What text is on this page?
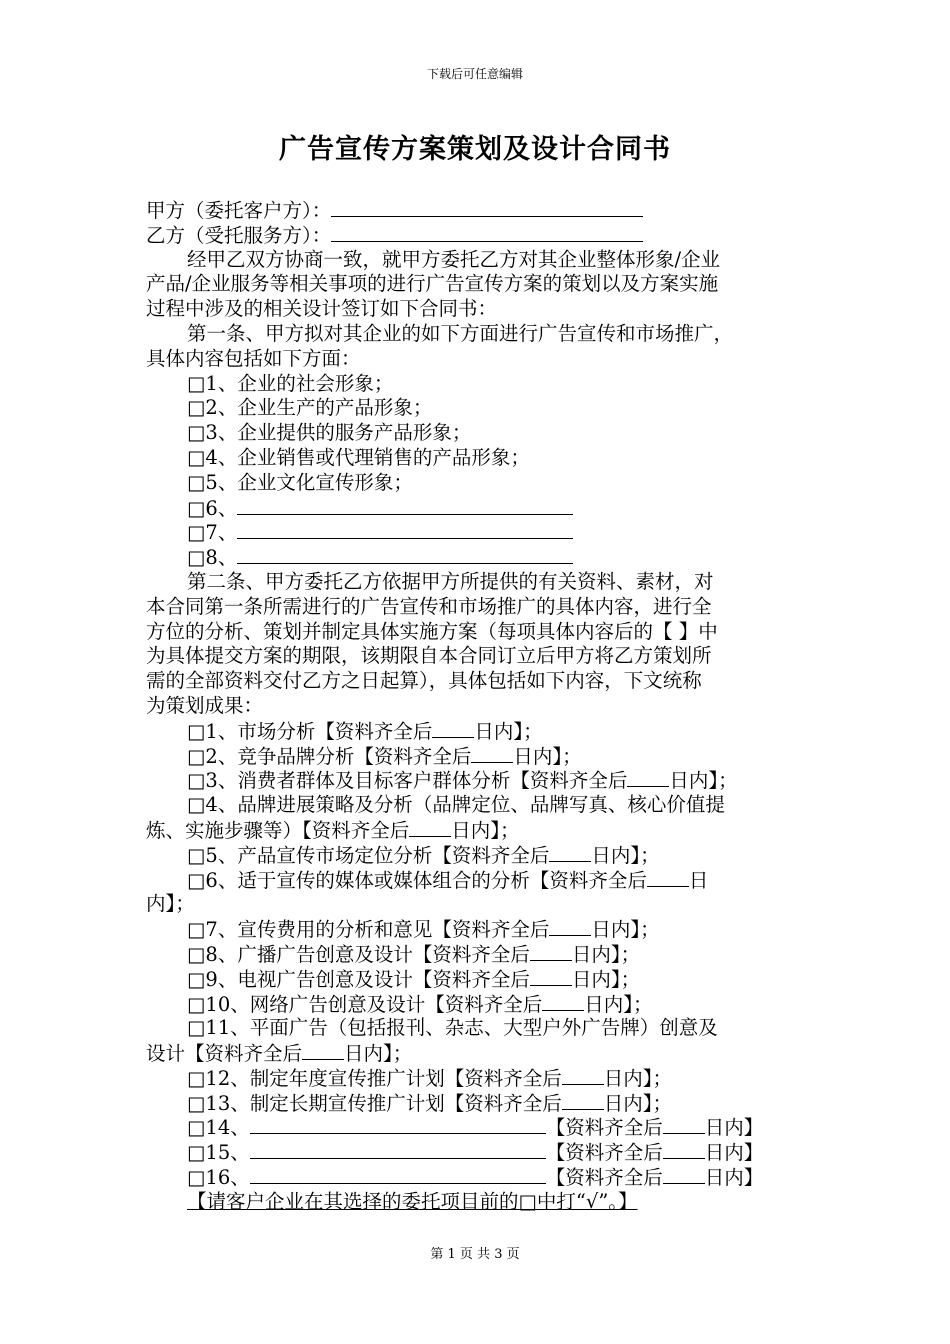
下载后可任意编辑
广告宣传方案策划及设计合同书
甲方（委托客户方）：
乙方（受托服务方）：
经甲乙双方协商一致，就甲方委托乙方对其企业整体形象/企业
产品/企业服务等相关事项的进行广告宣传方案的策划以及方案实施
过程中涉及的相关设计签订如下合同书：
第一条、甲方拟对其企业的如下方面进行广告宣传和市场推广，
具体内容包括如下方面：
□1、企业的社会形象；
□2、企业生产的产品形象；
□3、企业提供的服务产品形象；
□4、企业销售或代理销售的产品形象；
□5、企业文化宣传形象；
□6、
□7、
□8、
第二条、甲方委托乙方依据甲方所提供的有关资料、素材，对
本合同第一条所需进行的广告宣传和市场推广的具体内容，进行全
方位的分析、策划并制定具体实施方案（每项具体内容后的【 】中
为具体提交方案的期限，该期限自本合同订立后甲方将乙方策划所
需的全部资料交付乙方之日起算），具体包括如下内容，下文统称
为策划成果：
□1、市场分析【资料齐全后 日内】；
□2、竞争品牌分析【资料齐全后 日内】；
□3、消费者群体及目标客户群体分析【资料齐全后 日内】；
□4、品牌进展策略及分析（品牌定位、品牌写真、核心价值提
炼、实施步骤等）【资料齐全后 日内】；
□5、产品宣传市场定位分析【资料齐全后 日内】；
□6、适于宣传的媒体或媒体组合的分析【资料齐全后 日
内】；
□7、宣传费用的分析和意见【资料齐全后 日内】；
□8、广播广告创意及设计【资料齐全后 日内】；
□9、电视广告创意及设计【资料齐全后 日内】；
□10、网络广告创意及设计【资料齐全后 日内】；
□11、平面广告（包括报刊、杂志、大型户外广告牌）创意及
设计【资料齐全后 日内】；
□12、制定年度宣传推广计划【资料齐全后 日内】；
□13、制定长期宣传推广计划【资料齐全后 日内】；
□14、	【资料齐全后 日内】
□15、	【资料齐全后 日内】
□16、	【资料齐全后 日内】
【请客户企业在其选择的委托项目前的□中打“√”。】
第 1 页 共 3 页
